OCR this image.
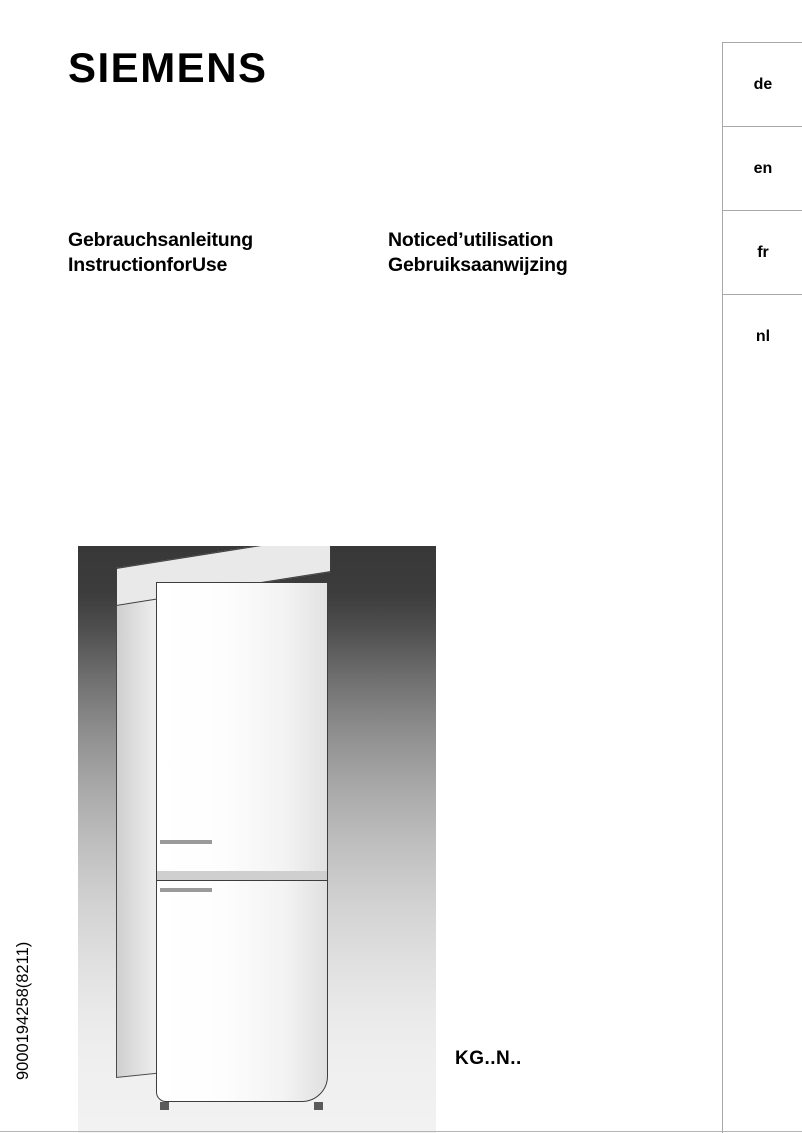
SIEMENS
Gebrauchsanleitung
InstructionforUse
Noticed’utilisation
Gebruiksaanwijzing
de
en
fr
nl
9000194258(8211)	KG..N..
